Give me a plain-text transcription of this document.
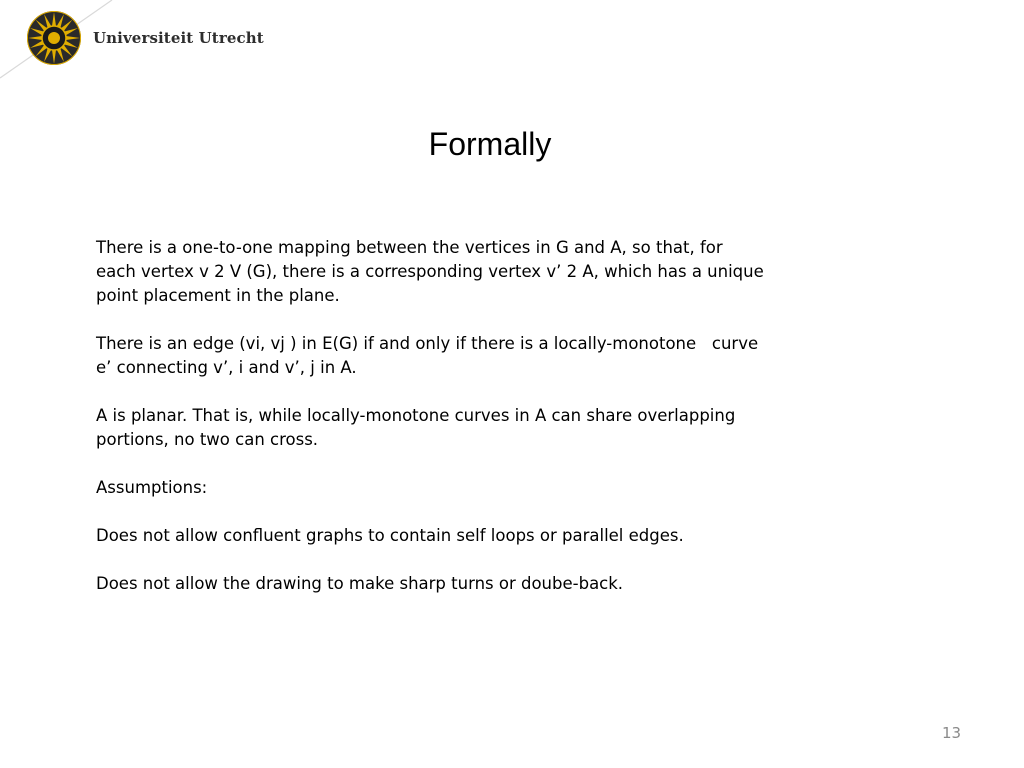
Universiteit Utrecht
Formally

There is a one-to-one mapping between the vertices in G and A, so that, for
each vertex v 2 V (G), there is a corresponding vertex v’ 2 A, which has a unique
point placement in the plane.

There is an edge (vi, vj ) in E(G) if and only if there is a locally-monotone   curve
e’ connecting v’, i and v’, j in A.

A is planar. That is, while locally-monotone curves in A can share overlapping
portions, no two can cross.

Assumptions:

Does not allow confluent graphs to contain self loops or parallel edges.

Does not allow the drawing to make sharp turns or doube-back.

13
